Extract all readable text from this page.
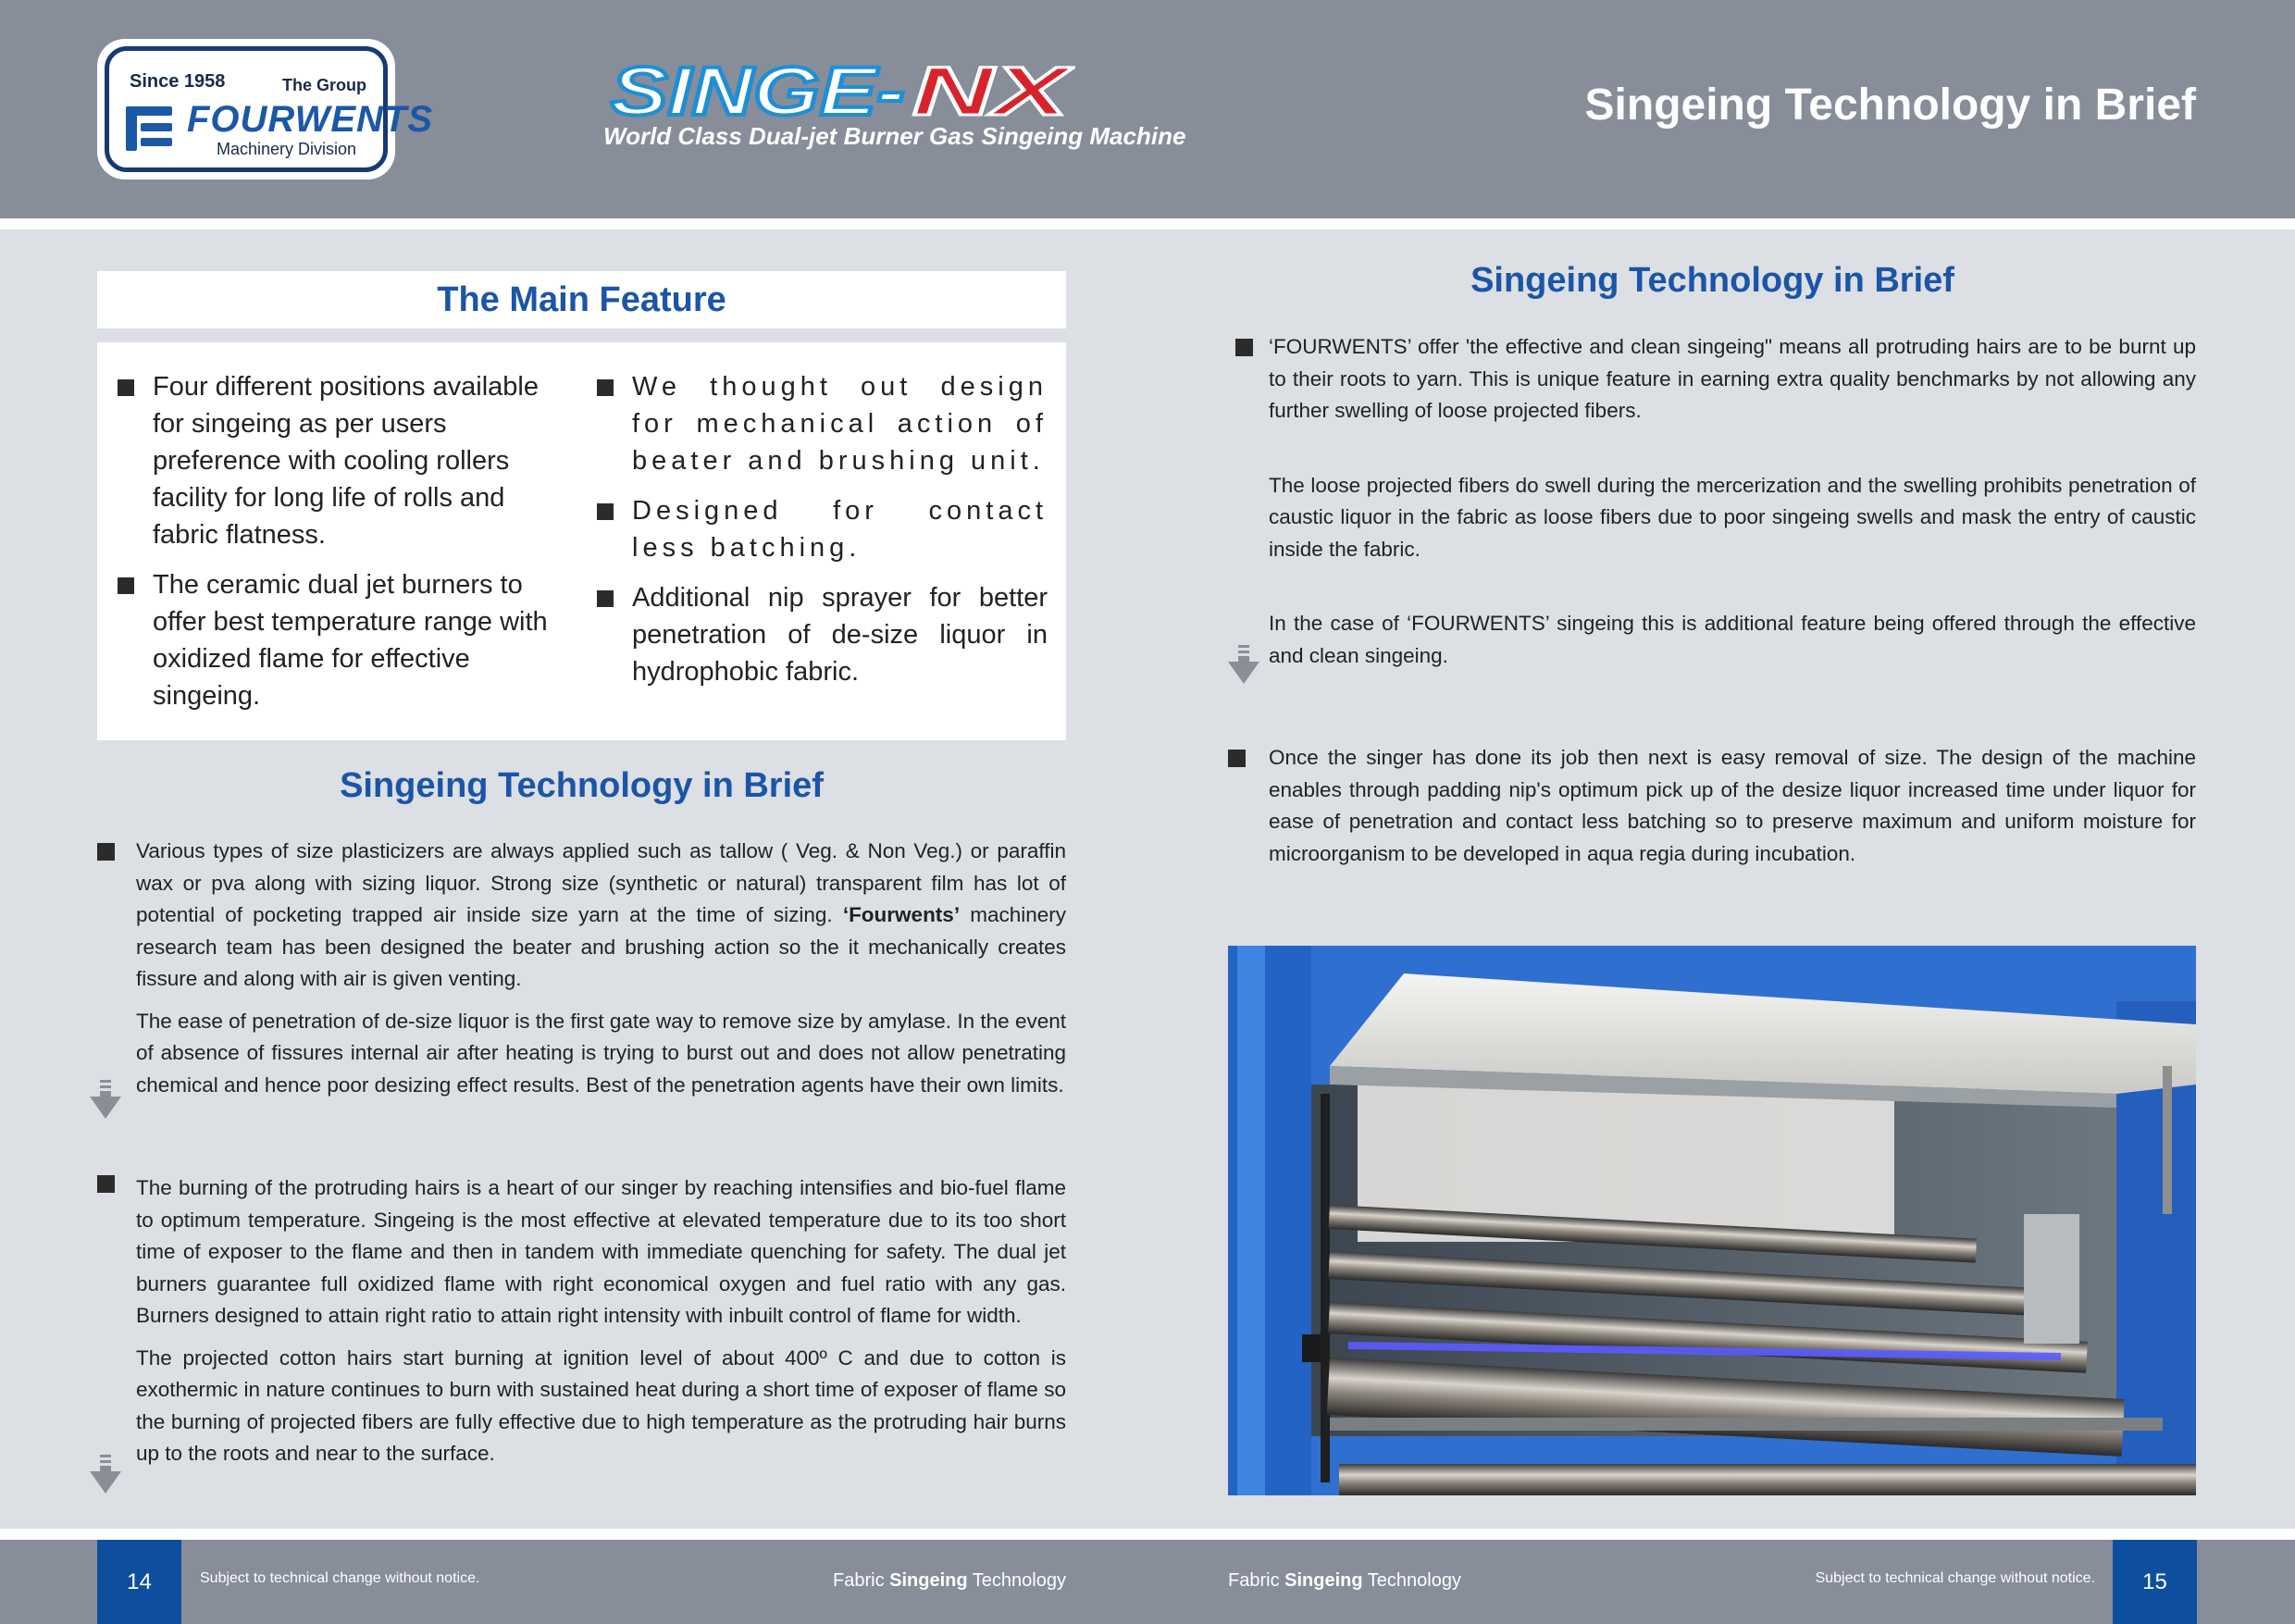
Since 1958	The Group
FOURWENTS
Machinery Division
SINGE- NX
World Class Dual-jet Burner Gas Singeing Machine
Singeing Technology in Brief
The Main Feature

Four different positions available for singeing as per users preference with cooling rollers facility for long life of rolls and fabric flatness.

The ceramic dual jet burners to offer best temperature range with oxidized flame for effective singeing.

We thought out design for mechanical action of beater and brushing unit.

Designed for contact less batching.

Additional nip sprayer for better penetration of de-size liquor in hydrophobic fabric.

Singeing Technology in Brief

Various types of size plasticizers are always applied such as tallow ( Veg. & Non Veg.) or paraffin wax or pva along with sizing liquor. Strong size (synthetic or natural) transparent film has lot of potential of pocketing trapped air inside size yarn at the time of sizing. ‘Fourwents’ machinery research team has been designed the beater and brushing action so the it mechanically creates fissure and along with air is given venting.

The ease of penetration of de-size liquor is the first gate way to remove size by amylase. In the event of absence of fissures internal air after heating is trying to burst out and does not allow penetrating chemical and hence poor desizing effect results. Best of the penetration agents have their own limits.

The burning of the protruding hairs is a heart of our singer by reaching intensifies and bio-fuel flame to optimum temperature. Singeing is the most effective at elevated temperature due to its too short time of exposer to the flame and then in tandem with immediate quenching for safety. The dual jet burners guarantee full oxidized flame with right economical oxygen and fuel ratio with any gas. Burners designed to attain right ratio to attain right intensity with inbuilt control of flame for width.

The projected cotton hairs start burning at ignition level of about 400º C and due to cotton is exothermic in nature continues to burn with sustained heat during a short time of exposer of flame so the burning of projected fibers are fully effective due to high temperature as the protruding hair burns up to the roots and near to the surface.

Singeing Technology in Brief

‘FOURWENTS’ offer 'the effective and clean singeing" means all protruding hairs are to be burnt up to their roots to yarn. This is unique feature in earning extra quality benchmarks by not allowing any further swelling of loose projected fibers.

The loose projected fibers do swell during the mercerization and the swelling prohibits penetration of caustic liquor in the fabric as loose fibers due to poor singeing swells and mask the entry of caustic inside the fabric.

In the case of ‘FOURWENTS’ singeing this is additional feature being offered through the effective and clean singeing.

Once the singer has done its job then next is easy removal of size. The design of the machine enables through padding nip's optimum pick up of the desize liquor increased time under liquor for ease of penetration and contact less batching so to preserve maximum and uniform moisture for microorganism to be developed in aqua regia during incubation.

14	Subject to technical change without notice.	Fabric Singeing Technology	Fabric Singeing Technology	Subject to technical change without notice.	15
